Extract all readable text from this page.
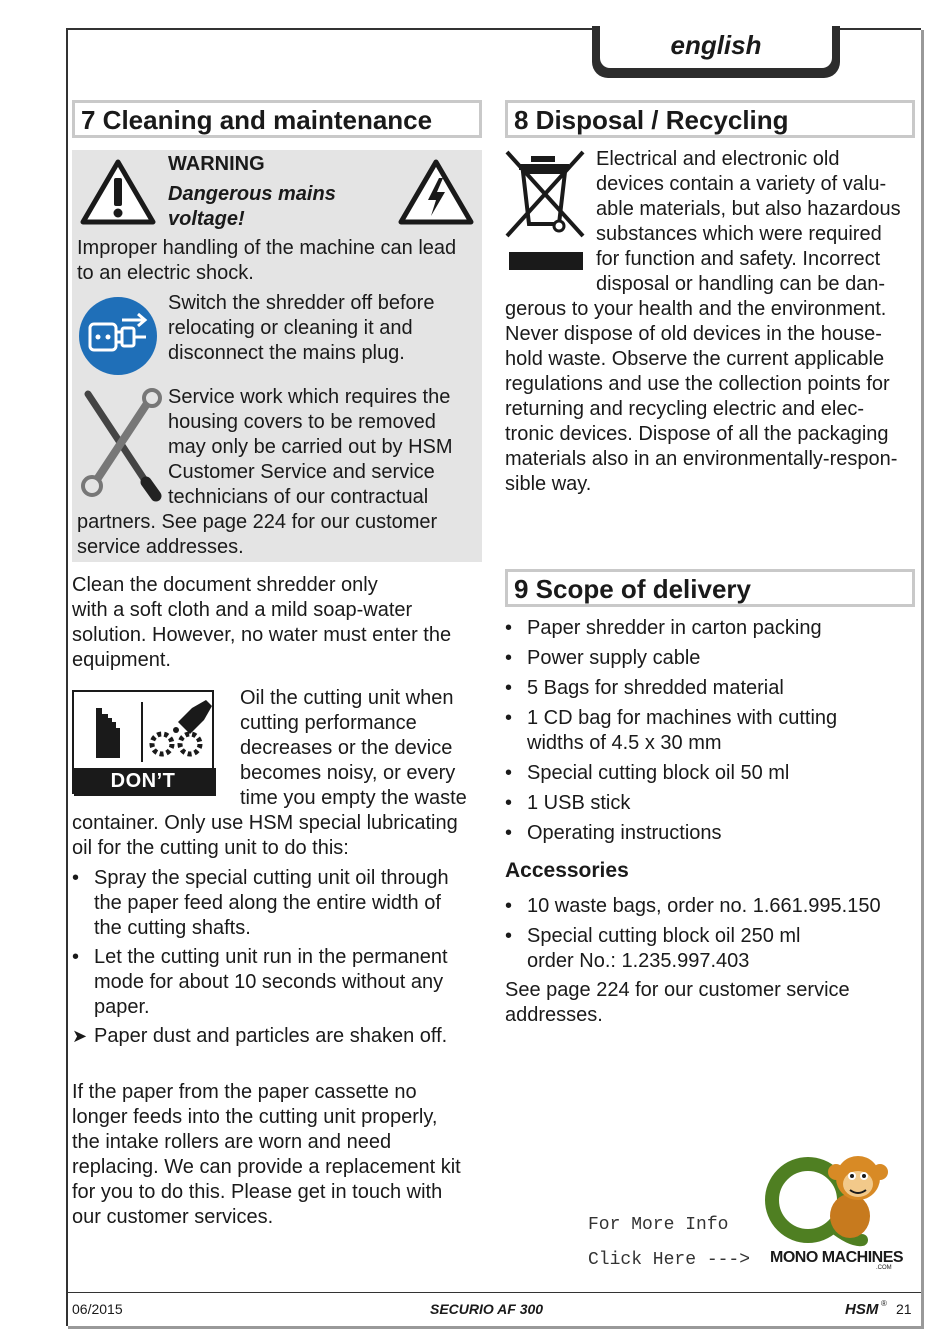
english
7 Cleaning and maintenance	8 Disposal / Recycling
WARNING
Dangerous mains
voltage!
Improper handling of the machine can lead
to an electric shock.
Switch the shredder off before
relocating or cleaning it and
disconnect the mains plug.
Service work which requires the
housing covers to be removed
may only be carried out by HSM
Customer Service and service
technicians of our contractual
partners. See page 224 for our customer
service addresses.
Clean the document shredder only
with a soft cloth and a mild soap-water
solution. However, no water must enter the
equipment.
DON’T FORGET
Oil the cutting unit when
cutting performance
decreases or the device
becomes noisy, or every
time you empty the waste
container. Only use HSM special lubricating
oil for the cutting unit to do this:
• Spray the special cutting unit oil through
the paper feed along the entire width of
the cutting shafts.
• Let the cutting unit run in the permanent
mode for about 10 seconds without any
paper.
➤ Paper dust and particles are shaken off.
If the paper from the paper cassette no
longer feeds into the cutting unit properly,
the intake rollers are worn and need
replacing. We can provide a replacement kit
for you to do this. Please get in touch with
our customer services.
Electrical and electronic old
devices contain a variety of valu-
able materials, but also hazardous
substances which were required
for function and safety. Incorrect
disposal or handling can be dan-
gerous to your health and the environment.
Never dispose of old devices in the house-
hold waste. Observe the current applicable
regulations and use the collection points for
returning and recycling electric and elec-
tronic devices. Dispose of all the packaging
materials also in an environmentally-respon-
sible way.
9 Scope of delivery
• Paper shredder in carton packing
• Power supply cable
• 5 Bags for shredded material
• 1 CD bag for machines with cutting
widths of 4.5 x 30 mm
• Special cutting block oil 50 ml
• 1 USB stick
• Operating instructions
Accessories
• 10 waste bags, order no. 1.661.995.150
• Special cutting block oil 250 ml
order No.: 1.235.997.403
See page 224 for our customer service
addresses.
For More Info
Click Here ---> MONO MACHINES
.COM
06/2015	SECURIO AF 300	HSM ® 21
